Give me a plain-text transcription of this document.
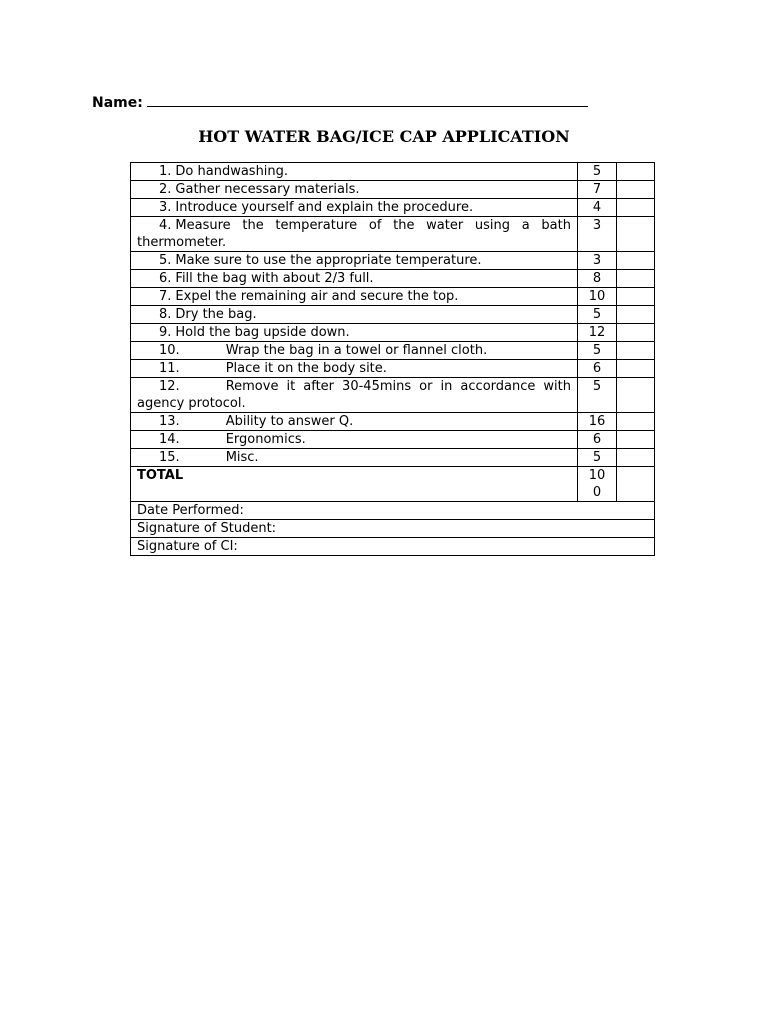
Name:
HOT WATER BAG/ICE CAP APPLICATION
1. Do handwashing.	5	
2. Gather necessary materials.	7	
3. Introduce yourself and explain the procedure.	4	
4. Measure the temperature of the water using a bath thermometer.	3	
5. Make sure to use the appropriate temperature.	3	
6. Fill the bag with about 2/3 full.	8	
7. Expel the remaining air and secure the top.	10	
8. Dry the bag.	5	
9. Hold the bag upside down.	12	
10. Wrap the bag in a towel or flannel cloth.	5	
11. Place it on the body site.	6	
12. Remove it after 30-45mins or in accordance with agency protocol.	5	
13. Ability to answer Q.	16	
14. Ergonomics.	6	
15. Misc.	5	
TOTAL	100	

Date Performed:		
Signature of Student:		
Signature of CI:		
